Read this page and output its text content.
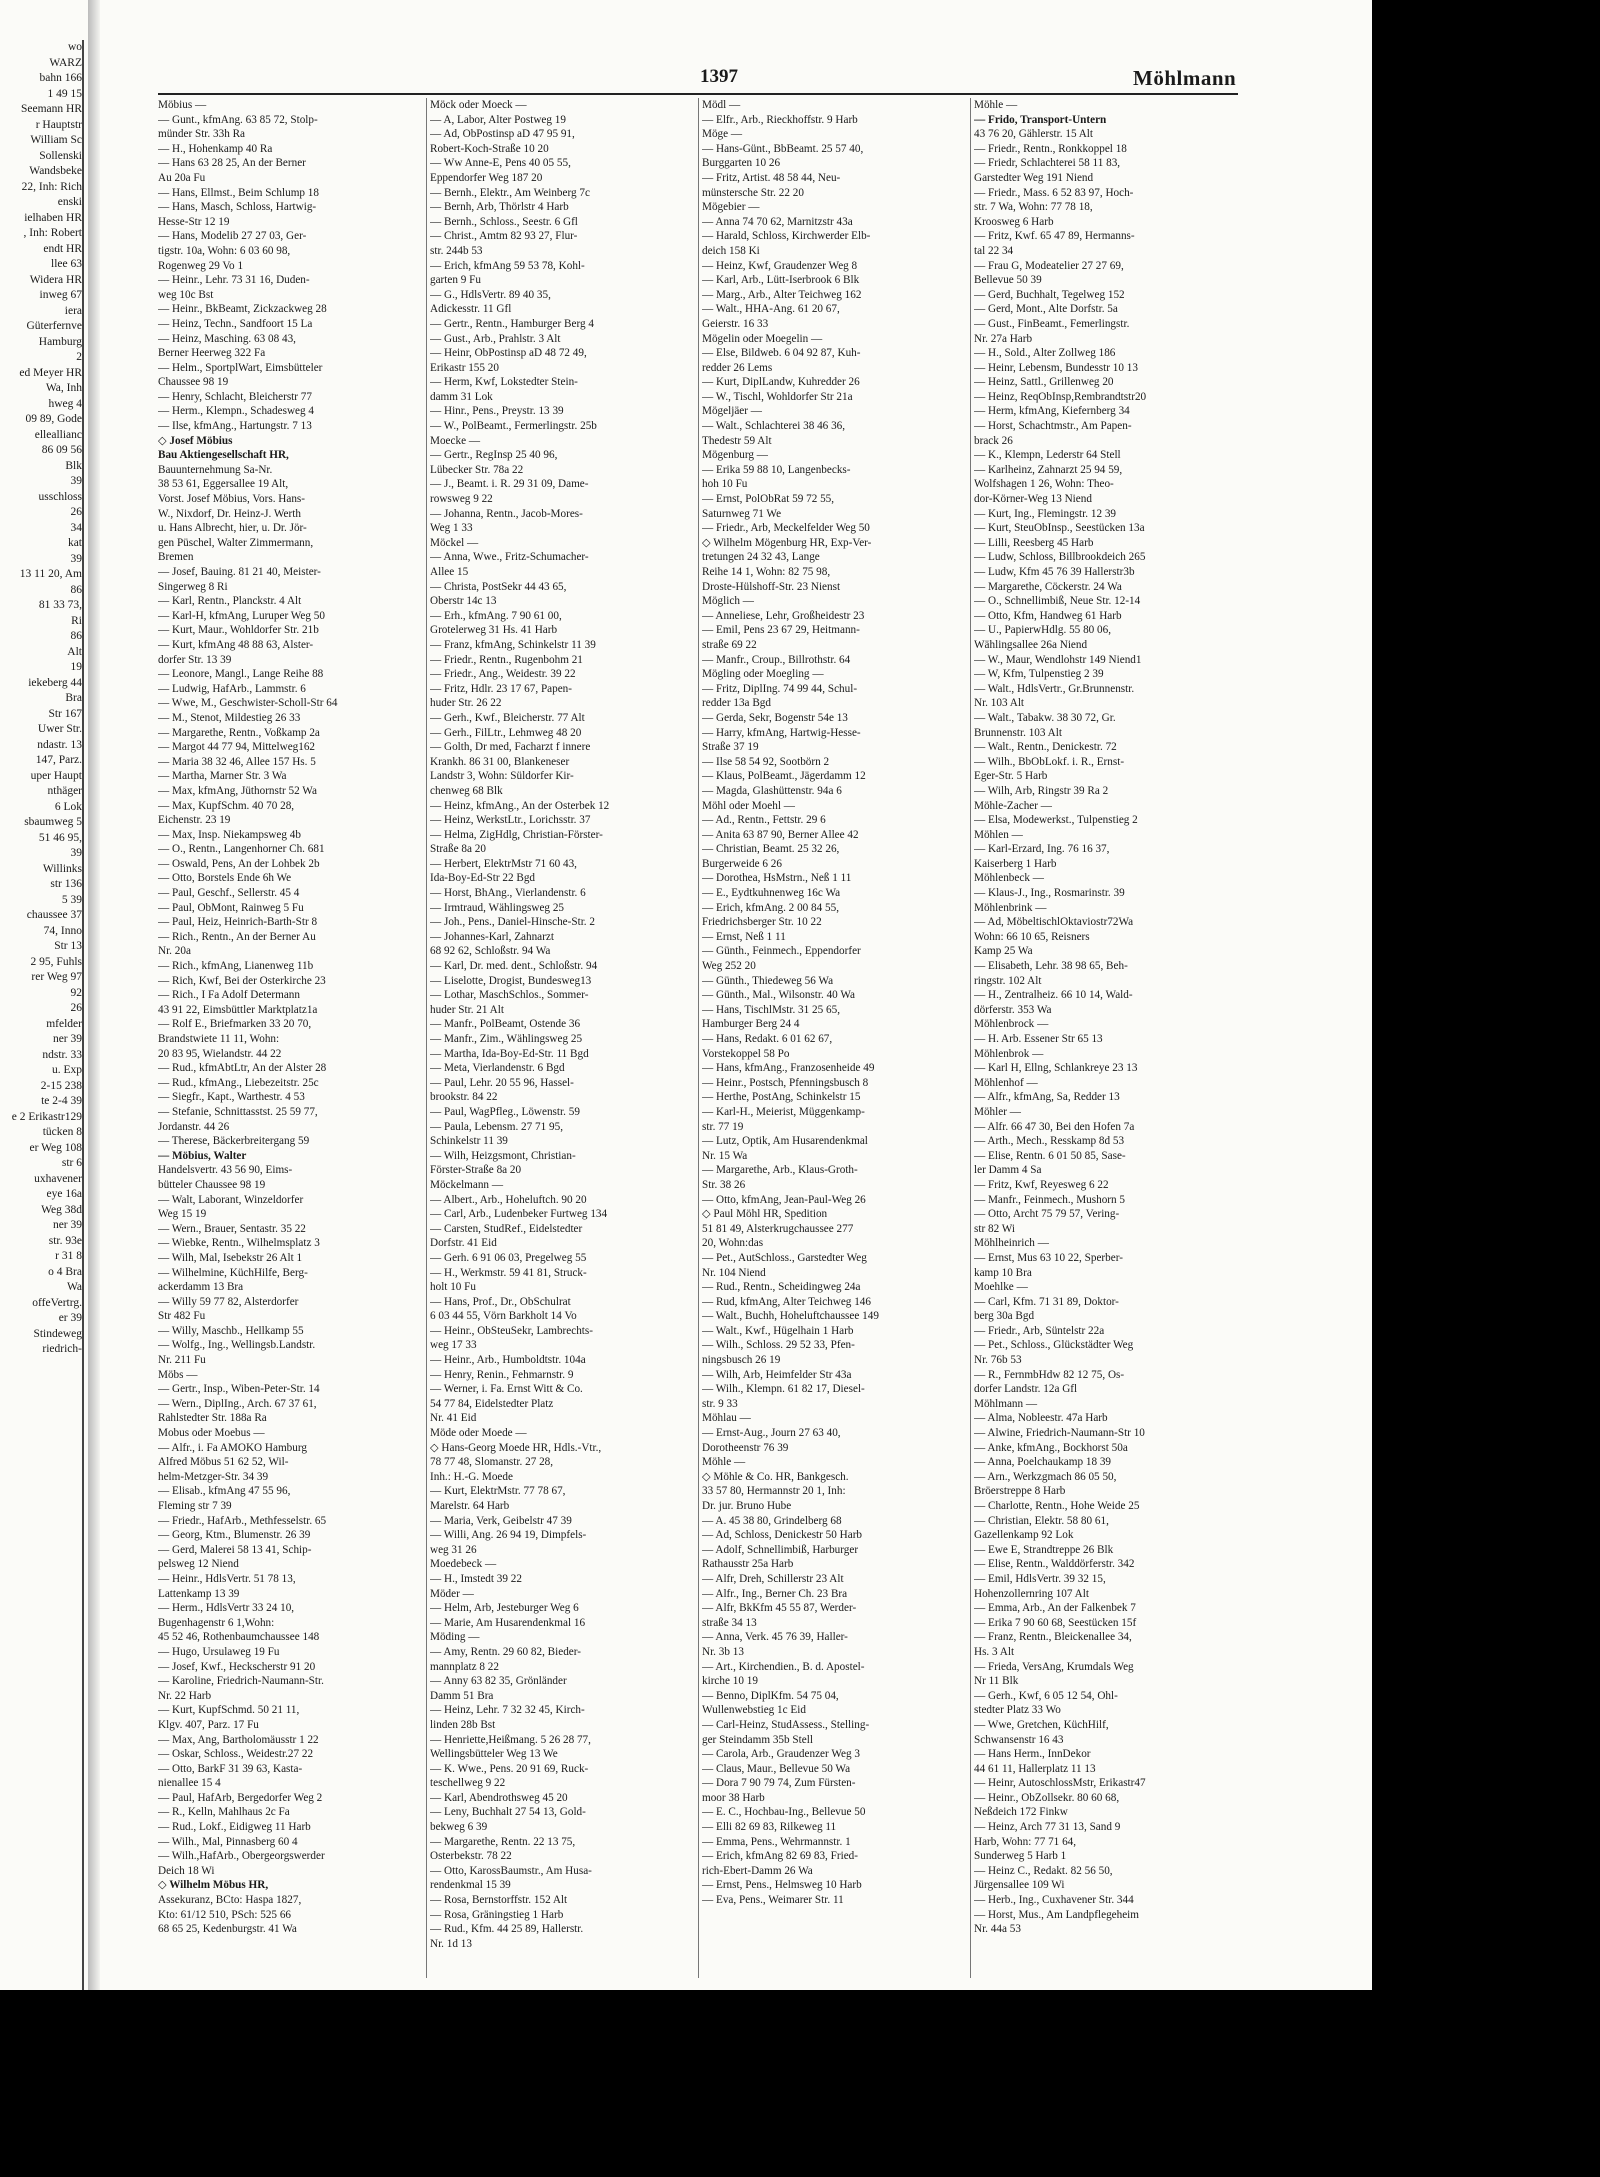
wo
WARZ
bahn 166
1 49 15
Seemann HR
r Hauptstr
William Sc
Sollenski
Wandsbeke
22, Inh: Rich
enski
ielhaben HR
, Inh: Robert
endt HR
llee 63
Widera HR
inweg 67
iera
Güterfernve
Hamburg
2
ed Meyer HR
Wa, Inh
hweg 4
09 89, Gode
elleallianc
86 09 56
Blk
39
usschloss
26
34
kat
39
13 11 20, Am
86
81 33 73,
Ri
86
Alt
19
iekeberg 44
Bra
Str 167
Uwer Str.
ndastr. 13
147, Parz.
uper Haupt
nthäger
6 Lok
sbaumweg 5
51 46 95,
39
Willinks
str 136
5 39
chaussee 37
74, Inno
Str 13
2 95, Fuhls
rer Weg 97
92
26
mfelder
ner 39
ndstr. 33
u. Exp
2-15 238
te 2-4 39
e 2 Erikastr129
tücken 8
er Weg 108
str 6
uxhavener
eye 16a
Weg 38d
ner 39
str. 93e
r 31 8
o 4 Bra
Wa
offeVertrg.
er 39
Stindeweg
riedrich-
1397	Möhlmann
Möbius —
— Gunt., kfmAng. 63 85 72, Stolp-
münder Str. 33h Ra
— H., Hohenkamp 40 Ra
— Hans 63 28 25, An der Berner
Au 20a Fu
— Hans, Ellmst., Beim Schlump 18
— Hans, Masch, Schloss, Hartwig-
Hesse-Str 12 19
— Hans, Modelib 27 27 03, Ger-
tigstr. 10a, Wohn: 6 03 60 98,
Rogenweg 29 Vo 1
— Heinr., Lehr. 73 31 16, Duden-
weg 10c Bst
— Heinr., BkBeamt, Zickzackweg 28
— Heinz, Techn., Sandfoort 15 La
— Heinz, Masching. 63 08 43,
Berner Heerweg 322 Fa
— Helm., SportplWart, Eimsbütteler
Chaussee 98 19
— Henry, Schlacht, Bleicherstr 77
— Herm., Klempn., Schadesweg 4
— Ilse, kfmAng., Hartungstr. 7 13
◇ Josef Möbius
Bau Aktiengesellschaft HR,
Bauunternehmung Sa-Nr.
38 53 61, Eggersallee 19 Alt,
Vorst. Josef Möbius, Vors. Hans-
W., Nixdorf, Dr. Heinz-J. Werth
u. Hans Albrecht, hier, u. Dr. Jör-
gen Püschel, Walter Zimmermann,
Bremen
— Josef, Bauing. 81 21 40, Meister-
Singerweg 8 Ri
— Karl, Rentn., Planckstr. 4 Alt
— Karl-H, kfmAng, Luruper Weg 50
— Kurt, Maur., Wohldorfer Str. 21b
— Kurt, kfmAng 48 88 63, Alster-
dorfer Str. 13 39
— Leonore, Mangl., Lange Reihe 88
— Ludwig, HafArb., Lammstr. 6
— Wwe, M., Geschwister-Scholl-Str 64
— M., Stenot, Mildestieg 26 33
— Margarethe, Rentn., Voßkamp 2a
— Margot 44 77 94, Mittelweg162
— Maria 38 32 46, Allee 157 Hs. 5
— Martha, Marner Str. 3 Wa
— Max, kfmAng, Jüthornstr 52 Wa
— Max, KupfSchm. 40 70 28,
Eichenstr. 23 19
— Max, Insp. Niekampsweg 4b
— O., Rentn., Langenhorner Ch. 681
— Oswald, Pens, An der Lohbek 2b
— Otto, Borstels Ende 6h We
— Paul, Geschf., Sellerstr. 45 4
— Paul, ObMont, Rainweg 5 Fu
— Paul, Heiz, Heinrich-Barth-Str 8
— Rich., Rentn., An der Berner Au
Nr. 20a
— Rich., kfmAng, Lianenweg 11b
— Rich, Kwf, Bei der Osterkirche 23
— Rich., I Fa Adolf Determann
43 91 22, Eimsbüttler Marktplatz1a
— Rolf E., Briefmarken 33 20 70,
Brandstwiete 11 11, Wohn:
20 83 95, Wielandstr. 44 22
— Rud., kfmAbtLtr, An der Alster 28
— Rud., kfmAng., Liebezeitstr. 25c
— Siegfr., Kapt., Warthestr. 4 53
— Stefanie, Schnittasstst. 25 59 77,
Jordanstr. 44 26
— Therese, Bäckerbreitergang 59
— Möbius, Walter
Handelsvertr. 43 56 90, Eims-
bütteler Chaussee 98 19
— Walt, Laborant, Winzeldorfer
Weg 15 19
— Wern., Brauer, Sentastr. 35 22
— Wiebke, Rentn., Wilhelmsplatz 3
— Wilh, Mal, Isebekstr 26 Alt 1
— Wilhelmine, KüchHilfe, Berg-
ackerdamm 13 Bra
— Willy 59 77 82, Alsterdorfer
Str 482 Fu
— Willy, Maschb., Hellkamp 55
— Wolfg., Ing., Wellingsb.Landstr.
Nr. 211 Fu
Möbs —
— Gertr., Insp., Wiben-Peter-Str. 14
— Wern., DiplIng., Arch. 67 37 61,
Rahlstedter Str. 188a Ra
Mobus oder Moebus —
— Alfr., i. Fa AMOKO Hamburg
Alfred Möbus 51 62 52, Wil-
helm-Metzger-Str. 34 39
— Elisab., kfmAng 47 55 96,
Fleming str 7 39
— Friedr., HafArb., Methfesselstr. 65
— Georg, Ktm., Blumenstr. 26 39
— Gerd, Malerei 58 13 41, Schip-
pelsweg 12 Niend
— Heinr., HdlsVertr. 51 78 13,
Lattenkamp 13 39
— Herm., HdlsVertr 33 24 10,
Bugenhagenstr 6 1,Wohn:
45 52 46, Rothenbaumchaussee 148
— Hugo, Ursulaweg 19 Fu
— Josef, Kwf., Heckscherstr 91 20
— Karoline, Friedrich-Naumann-Str.
Nr. 22 Harb
— Kurt, KupfSchmd. 50 21 11,
Klgv. 407, Parz. 17 Fu
— Max, Ang, Bartholomäusstr 1 22
— Oskar, Schloss., Weidestr.27 22
— Otto, BarkF 31 39 63, Kasta-
nienallee 15 4
— Paul, HafArb, Bergedorfer Weg 2
— R., Kelln, Mahlhaus 2c Fa
— Rud., Lokf., Eidigweg 11 Harb
— Wilh., Mal, Pinnasberg 60 4
— Wilh.,HafArb., Obergeorgswerder
Deich 18 Wi
◇ Wilhelm Möbus HR,
Assekuranz, BCto: Haspa 1827,
Kto: 61/12 510, PSch: 525 66
68 65 25, Kedenburgstr. 41 Wa
Möck oder Moeck —
— A, Labor, Alter Postweg 19
— Ad, ObPostinsp aD 47 95 91,
Robert-Koch-Straße 10 20
— Ww Anne-E, Pens 40 05 55,
Eppendorfer Weg 187 20
— Bernh., Elektr., Am Weinberg 7c
— Bernh, Arb, Thörlstr 4 Harb
— Bernh., Schloss., Seestr. 6 Gfl
— Christ., Amtm 82 93 27, Flur-
str. 244b 53
— Erich, kfmAng 59 53 78, Kohl-
garten 9 Fu
— G., HdlsVertr. 89 40 35,
Adickesstr. 11 Gfl
— Gertr., Rentn., Hamburger Berg 4
— Gust., Arb., Prahlstr. 3 Alt
— Heinr, ObPostinsp aD 48 72 49,
Erikastr 155 20
— Herm, Kwf, Lokstedter Stein-
damm 31 Lok
— Hinr., Pens., Preystr. 13 39
— W., PolBeamt., Fermerlingstr. 25b
Moecke —
— Gertr., RegInsp 25 40 96,
Lübecker Str. 78a 22
— J., Beamt. i. R. 29 31 09, Dame-
rowsweg 9 22
— Johanna, Rentn., Jacob-Mores-
Weg 1 33
Möckel —
— Anna, Wwe., Fritz-Schumacher-
Allee 15
— Christa, PostSekr 44 43 65,
Oberstr 14c 13
— Erh., kfmAng. 7 90 61 00,
Grotelerweg 31 Hs. 41 Harb
— Franz, kfmAng, Schinkelstr 11 39
— Friedr., Rentn., Rugenbohm 21
— Friedr., Ang., Weidestr. 39 22
— Fritz, Hdlr. 23 17 67, Papen-
huder Str. 26 22
— Gerh., Kwf., Bleicherstr. 77 Alt
— Gerh., FilLtr., Lehmweg 48 20
— Golth, Dr med, Facharzt f innere
Krankh. 86 31 00, Blankeneser
Landstr 3, Wohn: Süldorfer Kir-
chenweg 68 Blk
— Heinz, kfmAng., An der Osterbek 12
— Heinz, WerkstLtr., Lorichsstr. 37
— Helma, ZigHdlg, Christian-Förster-
Straße 8a 20
— Herbert, ElektrMstr 71 60 43,
Ida-Boy-Ed-Str 22 Bgd
— Horst, BhAng., Vierlandenstr. 6
— Irmtraud, Wählingsweg 25
— Joh., Pens., Daniel-Hinsche-Str. 2
— Johannes-Karl, Zahnarzt
68 92 62, Schloßstr. 94 Wa
— Karl, Dr. med. dent., Schloßstr. 94
— Liselotte, Drogist, Bundesweg13
— Lothar, MaschSchlos., Sommer-
huder Str. 21 Alt
— Manfr., PolBeamt, Ostende 36
— Manfr., Zim., Wählingsweg 25
— Martha, Ida-Boy-Ed-Str. 11 Bgd
— Meta, Vierlandenstr. 6 Bgd
— Paul, Lehr. 20 55 96, Hassel-
brookstr. 84 22
— Paul, WagPfleg., Löwenstr. 59
— Paula, Lebensm. 27 71 95,
Schinkelstr 11 39
— Wilh, Heizgsmont, Christian-
Förster-Straße 8a 20
Möckelmann —
— Albert., Arb., Hoheluftch. 90 20
— Carl, Arb., Ludenbeker Furtweg 134
— Carsten, StudRef., Eidelstedter
Dorfstr. 41 Eid
— Gerh. 6 91 06 03, Pregelweg 55
— H., Werkmstr. 59 41 81, Struck-
holt 10 Fu
— Hans, Prof., Dr., ObSchulrat
6 03 44 55, Vörn Barkholt 14 Vo
— Heinr., ObSteuSekr, Lambrechts-
weg 17 33
— Heinr., Arb., Humboldtstr. 104a
— Henry, Renin., Fehmarnstr. 9
— Werner, i. Fa. Ernst Witt & Co.
54 77 84, Eidelstedter Platz
Nr. 41 Eid
Möde oder Moede —
◇ Hans-Georg Moede HR, Hdls.-Vtr.,
78 77 48, Slomanstr. 27 28,
Inh.: H.-G. Moede
— Kurt, ElektrMstr. 77 78 67,
Marelstr. 64 Harb
— Maria, Verk, Geibelstr 47 39
— Willi, Ang. 26 94 19, Dimpfels-
weg 31 26
Moedebeck —
— H., Imstedt 39 22
Möder —
— Helm, Arb, Jesteburger Weg 6
— Marie, Am Husarendenkmal 16
Möding —
— Amy, Rentn. 29 60 82, Bieder-
mannplatz 8 22
— Anny 63 82 35, Grönländer
Damm 51 Bra
— Heinz, Lehr. 7 32 32 45, Kirch-
linden 28b Bst
— Henriette,Heißmang. 5 26 28 77,
Wellingsbütteler Weg 13 We
— K. Wwe., Pens. 20 91 69, Ruck-
teschellweg 9 22
— Karl, Abendrothsweg 45 20
— Leny, Buchhalt 27 54 13, Gold-
bekweg 6 39
— Margarethe, Rentn. 22 13 75,
Osterbekstr. 78 22
— Otto, KarossBaumstr., Am Husa-
rendenkmal 15 39
— Rosa, Bernstorffstr. 152 Alt
— Rosa, Gräningstieg 1 Harb
— Rud., Kfm. 44 25 89, Hallerstr.
Nr. 1d 13
Mödl —
— Elfr., Arb., Rieckhoffstr. 9 Harb
Möge —
— Hans-Günt., BbBeamt. 25 57 40,
Burggarten 10 26
— Fritz, Artist. 48 58 44, Neu-
münstersche Str. 22 20
Mögebier —
— Anna 74 70 62, Marnitzstr 43a
— Harald, Schloss, Kirchwerder Elb-
deich 158 Ki
— Heinz, Kwf, Graudenzer Weg 8
— Karl, Arb., Lütt-Iserbrook 6 Blk
— Marg., Arb., Alter Teichweg 162
— Walt., HHA-Ang. 61 20 67,
Geierstr. 16 33
Mögelin oder Moegelin —
— Else, Bildweb. 6 04 92 87, Kuh-
redder 26 Lems
— Kurt, DiplLandw, Kuhredder 26
— W., Tischl, Wohldorfer Str 21a
Mögeljäer —
— Walt., Schlachterei 38 46 36,
Thedestr 59 Alt
Mögenburg —
— Erika 59 88 10, Langenbecks-
hoh 10 Fu
— Ernst, PolObRat 59 72 55,
Saturnweg 71 We
— Friedr., Arb, Meckelfelder Weg 50
◇ Wilhelm Mögenburg HR, Exp-Ver-
tretungen 24 32 43, Lange
Reihe 14 1, Wohn: 82 75 98,
Droste-Hülshoff-Str. 23 Nienst
Möglich —
— Anneliese, Lehr, Großheidestr 23
— Emil, Pens 23 67 29, Heitmann-
straße 69 22
— Manfr., Croup., Billrothstr. 64
Mögling oder Moegling —
— Fritz, DiplIng. 74 99 44, Schul-
redder 13a Bgd
— Gerda, Sekr, Bogenstr 54e 13
— Harry, kfmAng, Hartwig-Hesse-
Straße 37 19
— Ilse 58 54 92, Sootbörn 2
— Klaus, PolBeamt., Jägerdamm 12
— Magda, Glashüttenstr. 94a 6
Möhl oder Moehl —
— Ad., Rentn., Fettstr. 29 6
— Anita 63 87 90, Berner Allee 42
— Christian, Beamt. 25 32 26,
Burgerweide 6 26
— Dorothea, HsMstrn., Neß 1 11
— E., Eydtkuhnenweg 16c Wa
— Erich, kfmAng. 2 00 84 55,
Friedrichsberger Str. 10 22
— Ernst, Neß 1 11
— Günth., Feinmech., Eppendorfer
Weg 252 20
— Günth., Thiedeweg 56 Wa
— Günth., Mal., Wilsonstr. 40 Wa
— Hans, TischlMstr. 31 25 65,
Hamburger Berg 24 4
— Hans, Redakt. 6 01 62 67,
Vorstekoppel 58 Po
— Hans, kfmAng., Franzosenheide 49
— Heinr., Postsch, Pfenningsbusch 8
— Herthe, PostAng, Schinkelstr 15
— Karl-H., Meierist, Müggenkamp-
str. 77 19
— Lutz, Optik, Am Husarendenkmal
Nr. 15 Wa
— Margarethe, Arb., Klaus-Groth-
Str. 38 26
— Otto, kfmAng, Jean-Paul-Weg 26
◇ Paul Möhl HR, Spedition
51 81 49, Alsterkrugchaussee 277
20, Wohn:das
— Pet., AutSchloss., Garstedter Weg
Nr. 104 Niend
— Rud., Rentn., Scheidingweg 24a
— Rud, kfmAng, Alter Teichweg 146
— Walt., Buchh, Hoheluftchaussee 149
— Walt., Kwf., Hügelhain 1 Harb
— Wilh., Schloss. 29 52 33, Pfen-
ningsbusch 26 19
— Wilh, Arb, Heimfelder Str 43a
— Wilh., Klempn. 61 82 17, Diesel-
str. 9 33
Möhlau —
— Ernst-Aug., Journ 27 63 40,
Dorotheenstr 76 39
Möhle —
◇ Möhle & Co. HR, Bankgesch.
33 57 80, Hermannstr 20 1, Inh:
Dr. jur. Bruno Hube
— A. 45 38 80, Grindelberg 68
— Ad, Schloss, Denickestr 50 Harb
— Adolf, Schnellimbiß, Harburger
Rathausstr 25a Harb
— Alfr, Dreh, Schillerstr 23 Alt
— Alfr., Ing., Berner Ch. 23 Bra
— Alfr, BkKfm 45 55 87, Werder-
straße 34 13
— Anna, Verk. 45 76 39, Haller-
Nr. 3b 13
— Art., Kirchendien., B. d. Apostel-
kirche 10 19
— Benno, DiplKfm. 54 75 04,
Wullenwebstieg 1c Eid
— Carl-Heinz, StudAssess., Stelling-
ger Steindamm 35b Stell
— Carola, Arb., Graudenzer Weg 3
— Claus, Maur., Bellevue 50 Wa
— Dora 7 90 79 74, Zum Fürsten-
moor 38 Harb
— E. C., Hochbau-Ing., Bellevue 50
— Elli 82 69 83, Rilkeweg 11
— Emma, Pens., Wehrmannstr. 1
— Erich, kfmAng 82 69 83, Fried-
rich-Ebert-Damm 26 Wa
— Ernst, Pens., Helmsweg 10 Harb
— Eva, Pens., Weimarer Str. 11
Möhle —
— Frido, Transport-Untern
43 76 20, Gählerstr. 15 Alt
— Friedr., Rentn., Ronkkoppel 18
— Friedr, Schlachterei 58 11 83,
Garstedter Weg 191 Niend
— Friedr., Mass. 6 52 83 97, Hoch-
str. 7 Wa, Wohn: 77 78 18,
Kroosweg 6 Harb
— Fritz, Kwf. 65 47 89, Hermanns-
tal 22 34
— Frau G, Modeatelier 27 27 69,
Bellevue 50 39
— Gerd, Buchhalt, Tegelweg 152
— Gerd, Mont., Alte Dorfstr. 5a
— Gust., FinBeamt., Femerlingstr.
Nr. 27a Harb
— H., Sold., Alter Zollweg 186
— Heinr, Lebensm, Bundesstr 10 13
— Heinz, Sattl., Grillenweg 20
— Heinz, ReqObInsp,Rembrandtstr20
— Herm, kfmAng, Kiefernberg 34
— Horst, Schachtmstr., Am Papen-
brack 26
— K., Klempn, Lederstr 64 Stell
— Karlheinz, Zahnarzt 25 94 59,
Wolfshagen 1 26, Wohn: Theo-
dor-Körner-Weg 13 Niend
— Kurt, Ing., Flemingstr. 12 39
— Kurt, SteuObInsp., Seestücken 13a
— Lilli, Reesberg 45 Harb
— Ludw, Schloss, Billbrookdeich 265
— Ludw, Kfm 45 76 39 Hallerstr3b
— Margarethe, Cöckerstr. 24 Wa
— O., Schnellimbiß, Neue Str. 12-14
— Otto, Kfm, Handweg 61 Harb
— U., PapierwHdlg. 55 80 06,
Wählingsallee 26a Niend
— W., Maur, Wendlohstr 149 Niend1
— W, Kfm, Tulpenstieg 2 39
— Walt., HdlsVertr., Gr.Brunnenstr.
Nr. 103 Alt
— Walt., Tabakw. 38 30 72, Gr.
Brunnenstr. 103 Alt
— Walt., Rentn., Denickestr. 72
— Wilh., BbObLokf. i. R., Ernst-
Eger-Str. 5 Harb
— Wilh, Arb, Ringstr 39 Ra 2
Möhle-Zacher —
— Elsa, Modewerkst., Tulpenstieg 2
Möhlen —
— Karl-Erzard, Ing. 76 16 37,
Kaiserberg 1 Harb
Möhlenbeck —
— Klaus-J., Ing., Rosmarinstr. 39
Möhlenbrink —
— Ad, MöbeltischlOktaviostr72Wa
Wohn: 66 10 65, Reisners
Kamp 25 Wa
— Elisabeth, Lehr. 38 98 65, Beh-
ringstr. 102 Alt
— H., Zentralheiz. 66 10 14, Wald-
dörferstr. 353 Wa
Möhlenbrock —
— H. Arb. Essener Str 65 13
Möhlenbrok —
— Karl H, Ellng, Schlankreye 23 13
Möhlenhof —
— Alfr., kfmAng, Sa, Redder 13
Möhler —
— Alfr. 66 47 30, Bei den Hofen 7a
— Arth., Mech., Resskamp 8d 53
— Elise, Rentn. 6 01 50 85, Sase-
ler Damm 4 Sa
— Fritz, Kwf, Reyesweg 6 22
— Manfr., Feinmech., Mushorn 5
— Otto, Archt 75 79 57, Vering-
str 82 Wi
Möhlheinrich —
— Ernst, Mus 63 10 22, Sperber-
kamp 10 Bra
Moehlke —
— Carl, Kfm. 71 31 89, Doktor-
berg 30a Bgd
— Friedr., Arb, Süntelstr 22a
— Pet., Schloss., Glückstädter Weg
Nr. 76b 53
— R., FernmbHdw 82 12 75, Os-
dorfer Landstr. 12a Gfl
Möhlmann —
— Alma, Nobleestr. 47a Harb
— Alwine, Friedrich-Naumann-Str 10
— Anke, kfmAng., Bockhorst 50a
— Anna, Poelchaukamp 18 39
— Arn., Werkzgmach 86 05 50,
Bröerstreppe 8 Harb
— Charlotte, Rentn., Hohe Weide 25
— Christian, Elektr. 58 80 61,
Gazellenkamp 92 Lok
— Ewe E, Strandtreppe 26 Blk
— Elise, Rentn., Walddörferstr. 342
— Emil, HdlsVertr. 39 32 15,
Hohenzollernring 107 Alt
— Emma, Arb., An der Falkenbek 7
— Erika 7 90 60 68, Seestücken 15f
— Franz, Rentn., Bleickenallee 34,
Hs. 3 Alt
— Frieda, VersAng, Krumdals Weg
Nr 11 Blk
— Gerh., Kwf, 6 05 12 54, Ohl-
stedter Platz 33 Wo
— Wwe, Gretchen, KüchHilf,
Schwansenstr 16 43
— Hans Herm., InnDekor
44 61 11, Hallerplatz 11 13
— Heinr, AutoschlossMstr, Erikastr47
— Heinr., ObZollsekr. 80 60 68,
Neßdeich 172 Finkw
— Heinz, Arch 77 31 13, Sand 9
Harb, Wohn: 77 71 64,
Sunderweg 5 Harb 1
— Heinz C., Redakt. 82 56 50,
Jürgensallee 109 Wi
— Herb., Ing., Cuxhavener Str. 344
— Horst, Mus., Am Landpflegeheim
Nr. 44a 53
